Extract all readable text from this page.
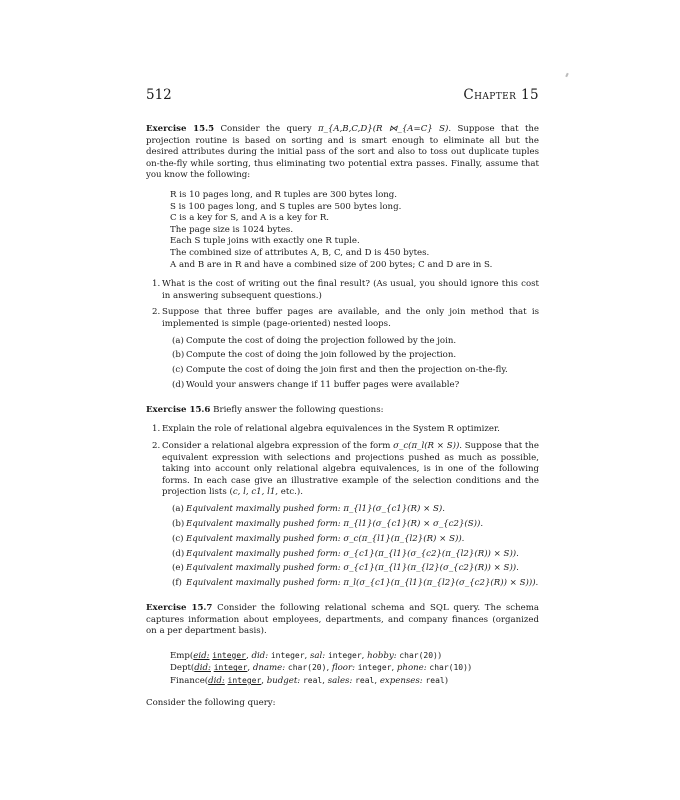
512	Chapter 15

Exercise 15.5 Consider the query π_{A,B,C,D}(R ⋈_{A=C} S). Suppose that the projection routine is based on sorting and is smart enough to eliminate all but the desired attributes during the initial pass of the sort and also to toss out duplicate tuples on-the-fly while sorting, thus eliminating two potential extra passes. Finally, assume that you know the following:

R is 10 pages long, and R tuples are 300 bytes long.
S is 100 pages long, and S tuples are 500 bytes long.
C is a key for S, and A is a key for R.
The page size is 1024 bytes.
Each S tuple joins with exactly one R tuple.
The combined size of attributes A, B, C, and D is 450 bytes.
A and B are in R and have a combined size of 200 bytes; C and D are in S.
1. What is the cost of writing out the final result? (As usual, you should ignore this cost in answering subsequent questions.)
2. Suppose that three buffer pages are available, and the only join method that is implemented is simple (page-oriented) nested loops.
(a) Compute the cost of doing the projection followed by the join.
(b) Compute the cost of doing the join followed by the projection.
(c) Compute the cost of doing the join first and then the projection on-the-fly.
(d) Would your answers change if 11 buffer pages were available?

Exercise 15.6 Briefly answer the following questions:

1. Explain the role of relational algebra equivalences in the System R optimizer.
2. Consider a relational algebra expression of the form σ_c(π_l(R × S)). Suppose that the equivalent expression with selections and projections pushed as much as possible, taking into account only relational algebra equivalences, is in one of the following forms. In each case give an illustrative example of the selection conditions and the projection lists (c, l, c1, l1, etc.).
(a) Equivalent maximally pushed form: π_{l1}(σ_{c1}(R) × S).
(b) Equivalent maximally pushed form: π_{l1}(σ_{c1}(R) × σ_{c2}(S)).
(c) Equivalent maximally pushed form: σ_c(π_{l1}(π_{l2}(R) × S)).
(d) Equivalent maximally pushed form: σ_{c1}(π_{l1}(σ_{c2}(π_{l2}(R)) × S)).
(e) Equivalent maximally pushed form: σ_{c1}(π_{l1}(π_{l2}(σ_{c2}(R)) × S)).
(f) Equivalent maximally pushed form: π_l(σ_{c1}(π_{l1}(π_{l2}(σ_{c2}(R)) × S))).

Exercise 15.7 Consider the following relational schema and SQL query. The schema captures information about employees, departments, and company finances (organized on a per department basis).

Emp(eid: integer, did: integer, sal: integer, hobby: char(20))
Dept(did: integer, dname: char(20), floor: integer, phone: char(10))
Finance(did: integer, budget: real, sales: real, expenses: real)

Consider the following query:
